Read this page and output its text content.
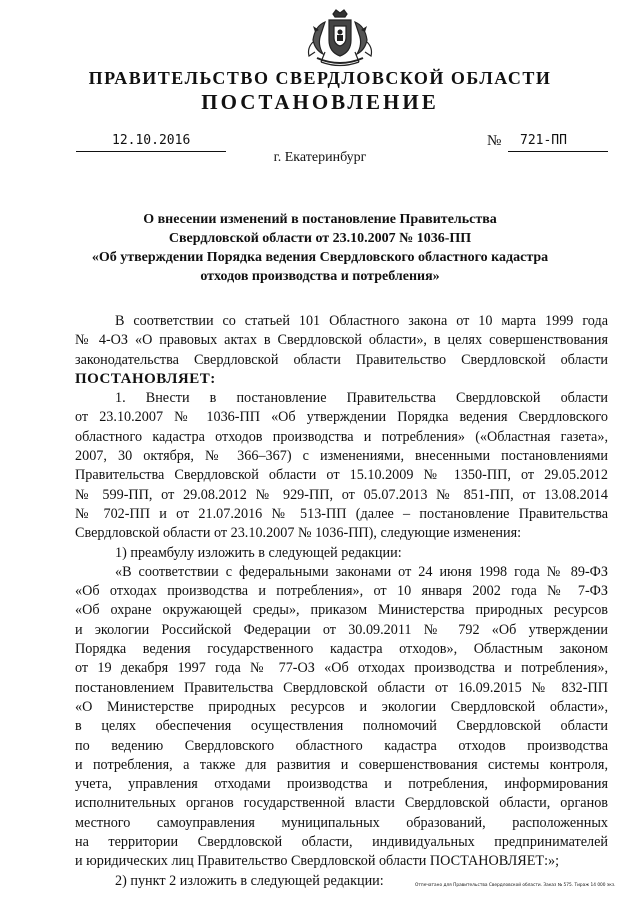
ПРАВИТЕЛЬСТВО СВЕРДЛОВСКОЙ ОБЛАСТИ
ПОСТАНОВЛЕНИЕ
12.10.2016	№ 721-ПП
г. Екатеринбург
О внесении изменений в постановление Правительства
Свердловской области от 23.10.2007 № 1036-ПП
«Об утверждении Порядка ведения Свердловского областного кадастра
отходов производства и потребления»
В соответствии со статьей 101 Областного закона от 10 марта 1999 года
№ 4-ОЗ «О правовых актах в Свердловской области», в целях совершенствования
законодательства Свердловской области Правительство Свердловской области
ПОСТАНОВЛЯЕТ:
1. Внести в постановление Правительства Свердловской области
от 23.10.2007 № 1036-ПП «Об утверждении Порядка ведения Свердловского
областного кадастра отходов производства и потребления» («Областная газета»,
2007, 30 октября, № 366–367) с изменениями, внесенными постановлениями
Правительства Свердловской области от 15.10.2009 № 1350-ПП, от 29.05.2012
№ 599-ПП, от 29.08.2012 № 929-ПП, от 05.07.2013 № 851-ПП, от 13.08.2014
№ 702-ПП и от 21.07.2016 № 513-ПП (далее – постановление Правительства
Свердловской области от 23.10.2007 № 1036-ПП), следующие изменения:
1) преамбулу изложить в следующей редакции:
«В соответствии с федеральными законами от 24 июня 1998 года № 89-ФЗ
«Об отходах производства и потребления», от 10 января 2002 года № 7-ФЗ
«Об охране окружающей среды», приказом Министерства природных ресурсов
и экологии Российской Федерации от 30.09.2011 № 792 «Об утверждении
Порядка ведения государственного кадастра отходов», Областным законом
от 19 декабря 1997 года № 77-ОЗ «Об отходах производства и потребления»,
постановлением Правительства Свердловской области от 16.09.2015 № 832-ПП
«О Министерстве природных ресурсов и экологии Свердловской области»,
в целях обеспечения осуществления полномочий Свердловской области
по ведению Свердловского областного кадастра отходов производства
и потребления, а также для развития и совершенствования системы контроля,
учета, управления отходами производства и потребления, информирования
исполнительных органов государственной власти Свердловской области, органов
местного самоуправления муниципальных образований, расположенных
на территории Свердловской области, индивидуальных предпринимателей
и юридических лиц Правительство Свердловской области ПОСТАНОВЛЯЕТ:»;
2) пункт 2 изложить в следующей редакции:	Отпечатано для Правительства Свердловской области. Заказ № 575. Тираж 14 000 экз.
